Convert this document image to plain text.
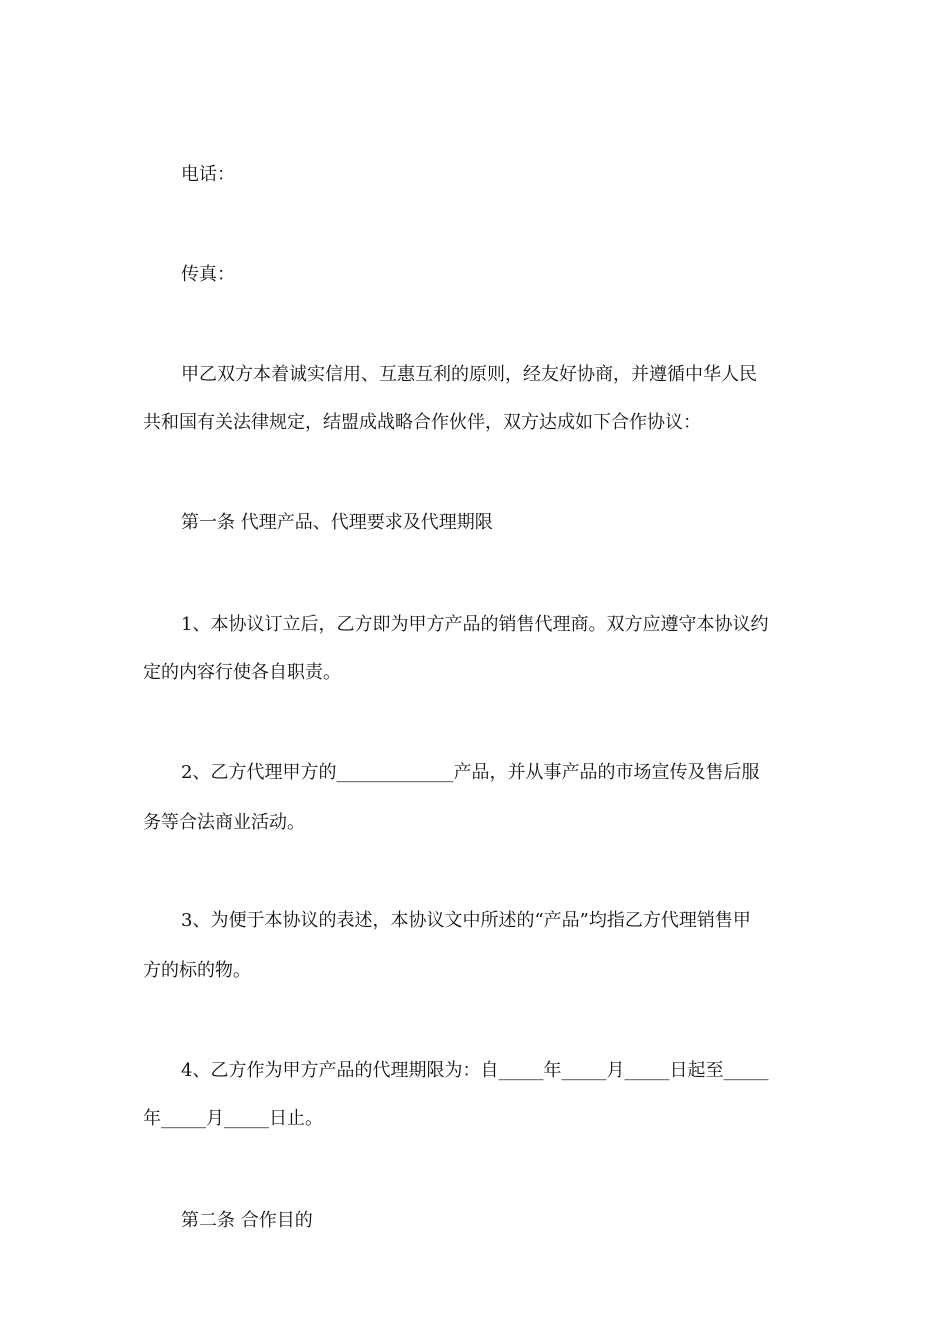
电话：
传真：
甲乙双方本着诚实信用、互惠互利的原则，经友好协商，并遵循中华人民
共和国有关法律规定，结盟成战略合作伙伴，双方达成如下合作协议：
第一条 代理产品、代理要求及代理期限
1、本协议订立后，乙方即为甲方产品的销售代理商。双方应遵守本协议约
定的内容行使各自职责。
2、乙方代理甲方的_____________产品，并从事产品的市场宣传及售后服
务等合法商业活动。
3、为便于本协议的表述，本协议文中所述的“产品”均指乙方代理销售甲
方的标的物。
4、乙方作为甲方产品的代理期限为：自_____年_____月_____日起至_____
年_____月_____日止。
第二条 合作目的
